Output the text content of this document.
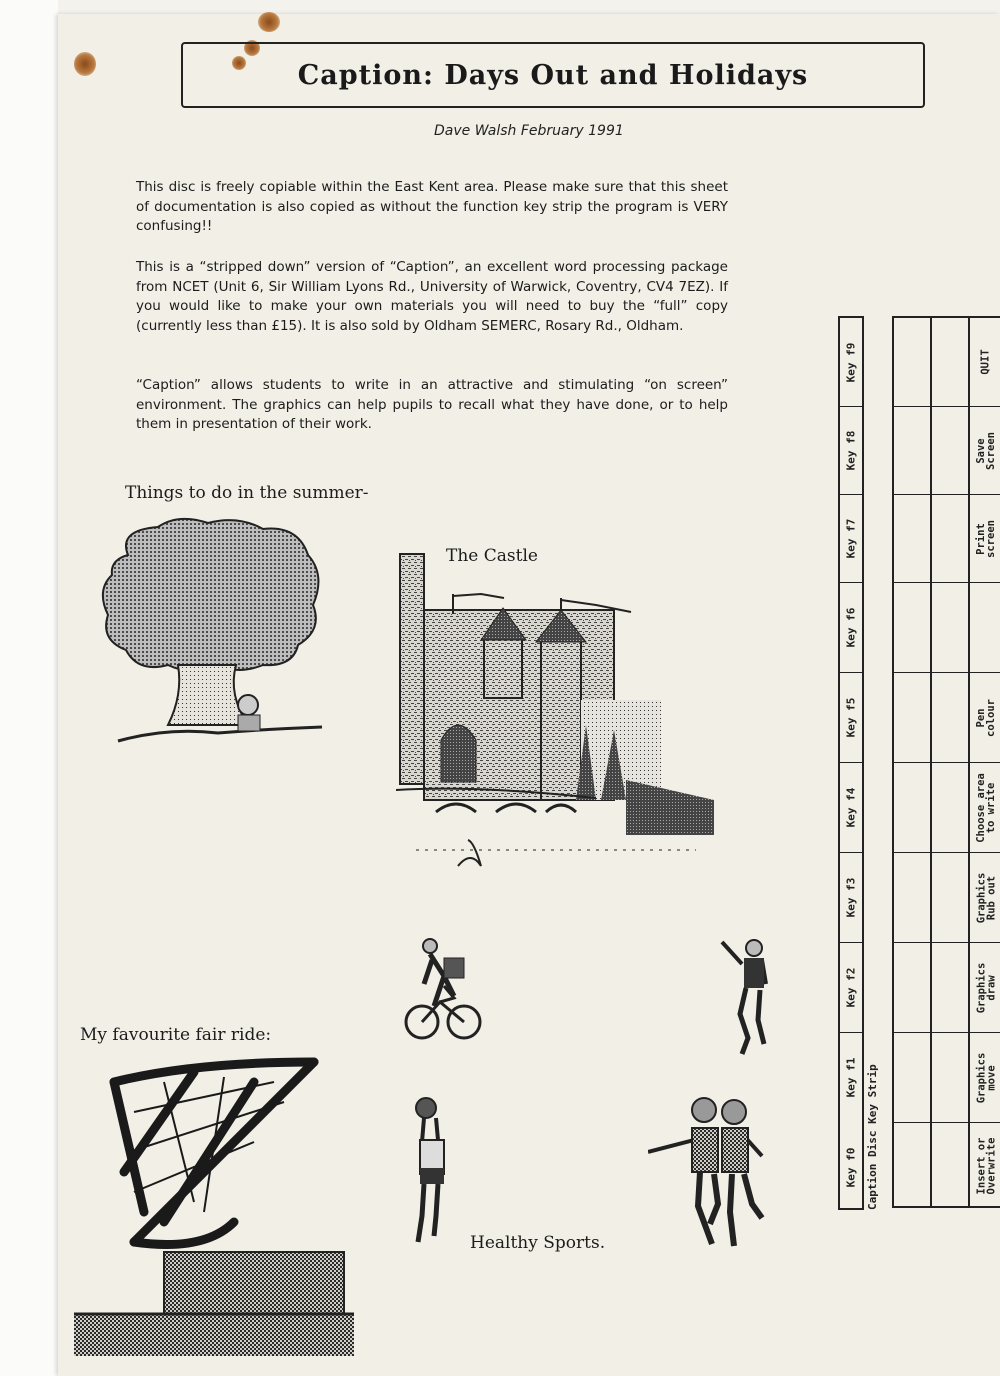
Caption: Days Out and Holidays
Dave Walsh February 1991
This disc is freely copiable within the East Kent area. Please make sure that this sheet of documentation is also copied as without the function key strip the program is VERY confusing!!
This is a “stripped down” version of “Caption”, an excellent word processing package from NCET (Unit 6, Sir William Lyons Rd., University of Warwick, Coventry, CV4 7EZ). If you would like to make your own materials you will need to buy the “full” copy (currently less than £15). It is also sold by Oldham SEMERC, Rosary Rd., Oldham.
“Caption” allows students to write in an attractive and stimulating “on screen” environment. The graphics can help pupils to recall what they have done, or to help them in presentation of their work.
Things to do in the summer-
The Castle
My favourite fair ride:
Healthy Sports.
Key f0
Key f1
Key f2
Key f3
Key f4
Key f5
Key f6
Key f7
Key f8
Key f9
Insert or
Overwrite
Graphics
move
Graphics
draw
Graphics
Rub out
Choose area
to write
Pen
colour
Print
screen
Save
Screen
QUIT
Caption Disc Key Strip
